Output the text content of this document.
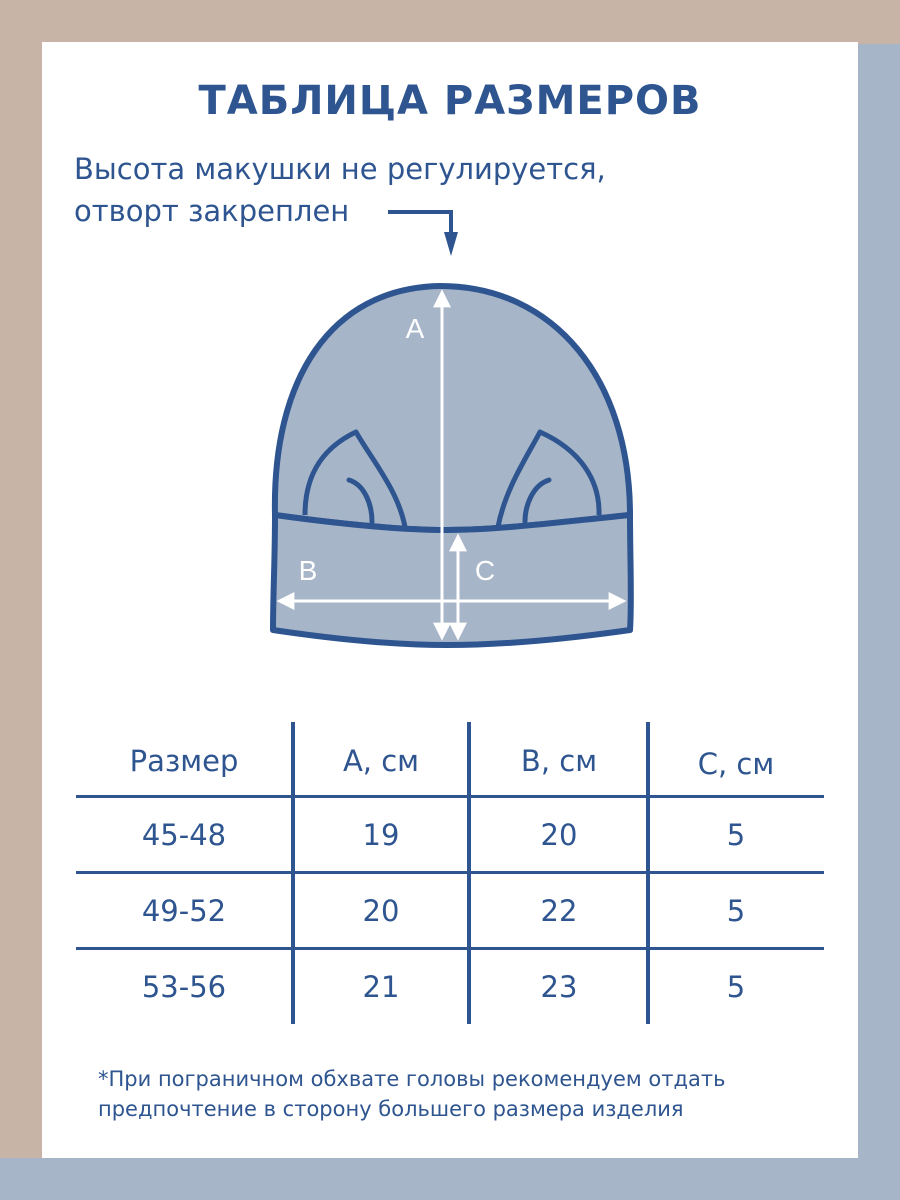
ТАБЛИЦА РАЗМЕРОВ
Высота макушки не регулируется,
отворт закреплен
A
B	C
Размер	А, см	В, см	С, см
45-48	19	20	5
49-52	20	22	5
53-56	21	23	5
*При пограничном обхвате головы рекомендуем отдать
предпочтение в сторону большего размера изделия
